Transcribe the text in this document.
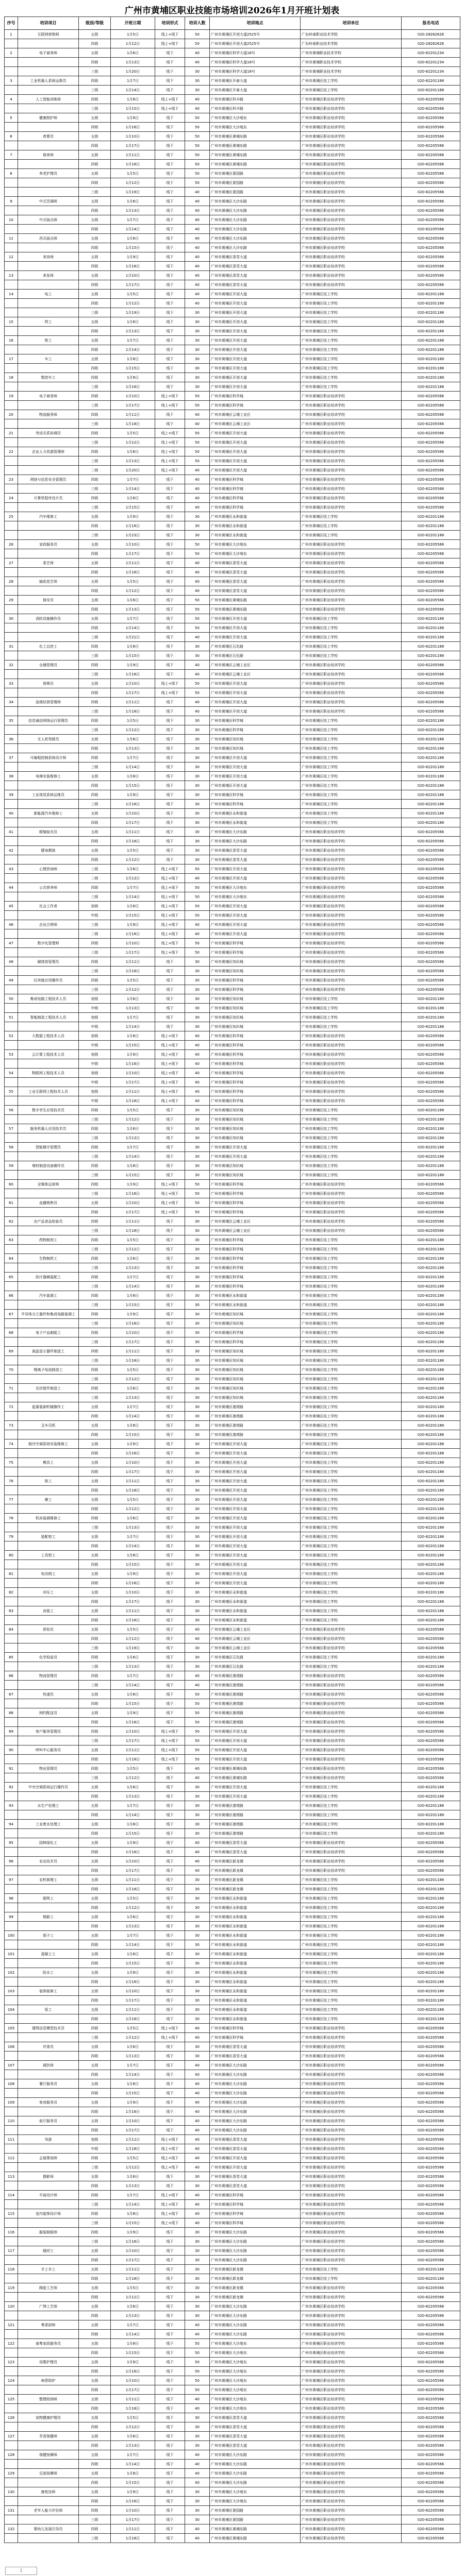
广州市黄埔区职业技能市场培训2026年1月开班计划表
序号	培训项目	级别/等级	开班日期	培训形式	培训人数	培训地点	培训单位	报名电话
1	互联网营销师	五级	1月5日	线上+线下	50	广州市黄埔区开创大道2525号	广东岭南职业技术学院	020-28262626
		四级	1月12日	线上+线下	50	广州市黄埔区开创大道2525号	广东岭南职业技术学院	020-28262626
2	电子商务师	五级	1月6日	线下	40	广州市黄埔区科学大道18号	广州市黄埔职业技术学校	020-82201234
		四级	1月13日	线下	40	广州市黄埔区科学大道18号	广州市黄埔职业技术学校	020-82201234
		三级	1月20日	线下	30	广州市黄埔区科学大道18号	广州市黄埔职业技术学校	020-82201234
3	工业机器人系统运维员	四级	1月7日	线下	30	广州市黄埔区开泰大道	广州市黄埔区技工学校	020-82201188
		三级	1月14日	线下	30	广州市黄埔区开泰大道	广州市黄埔区技工学校	020-82201188
4	人工智能训练师	四级	1月8日	线上+线下	40	广州市黄埔区科丰路	广州市黄埔区职业培训学校	020-82205566
		三级	1月15日	线上+线下	40	广州市黄埔区科丰路	广州市黄埔区职业培训学校	020-82205566
5	健康照护师	五级	1月9日	线下	50	广州市黄埔区大沙地东	广州市黄埔区职业培训学校	020-82205566
		四级	1月16日	线下	50	广州市黄埔区大沙地东	广州市黄埔区职业培训学校	020-82205566
6	育婴员	五级	1月10日	线下	50	广州市黄埔区黄埔东路	广州市黄埔区职业培训学校	020-82205566
		四级	1月17日	线下	50	广州市黄埔区黄埔东路	广州市黄埔区职业培训学校	020-82205566
7	保育师	五级	1月11日	线下	50	广州市黄埔区黄埔东路	广州市黄埔区职业培训学校	020-82205566
		四级	1月18日	线下	50	广州市黄埔区黄埔东路	广州市黄埔区职业培训学校	020-82205566
8	养老护理员	五级	1月5日	线下	50	广州市黄埔区夏园路	广州市黄埔区职业培训学校	020-82205566
		四级	1月12日	线下	50	广州市黄埔区夏园路	广州市黄埔区职业培训学校	020-82205566
		三级	1月19日	线下	40	广州市黄埔区夏园路	广州市黄埔区职业培训学校	020-82205566
9	中式烹调师	五级	1月6日	线下	40	广州市黄埔区大沙东路	广州市黄埔区职业培训学校	020-82205566
		四级	1月13日	线下	40	广州市黄埔区大沙东路	广州市黄埔区职业培训学校	020-82205566
10	中式面点师	五级	1月7日	线下	40	广州市黄埔区大沙东路	广州市黄埔区职业培训学校	020-82205566
		四级	1月14日	线下	40	广州市黄埔区大沙东路	广州市黄埔区职业培训学校	020-82205566
11	西式面点师	五级	1月8日	线下	40	广州市黄埔区大沙东路	广州市黄埔区职业培训学校	020-82205566
		四级	1月15日	线下	40	广州市黄埔区大沙东路	广州市黄埔区职业培训学校	020-82205566
12	美容师	五级	1月9日	线下	40	广州市黄埔区香雪大道	广州市黄埔区职业培训学校	020-82205566
		四级	1月16日	线下	40	广州市黄埔区香雪大道	广州市黄埔区职业培训学校	020-82205566
13	美发师	五级	1月10日	线下	40	广州市黄埔区香雪大道	广州市黄埔区职业培训学校	020-82205566
		四级	1月17日	线下	40	广州市黄埔区香雪大道	广州市黄埔区职业培训学校	020-82205566
14	电工	五级	1月5日	线下	40	广州市黄埔区开创大道	广州市黄埔区技工学校	020-82201188
		四级	1月12日	线下	40	广州市黄埔区开创大道	广州市黄埔区技工学校	020-82201188
		三级	1月19日	线下	30	广州市黄埔区开创大道	广州市黄埔区技工学校	020-82201188
15	焊工	五级	1月6日	线下	30	广州市黄埔区开创大道	广州市黄埔区技工学校	020-82201188
		四级	1月13日	线下	30	广州市黄埔区开创大道	广州市黄埔区技工学校	020-82201188
16	钳工	五级	1月7日	线下	30	广州市黄埔区开创大道	广州市黄埔区技工学校	020-82201188
		四级	1月14日	线下	30	广州市黄埔区开创大道	广州市黄埔区技工学校	020-82201188
17	车工	五级	1月8日	线下	30	广州市黄埔区开创大道	广州市黄埔区技工学校	020-82201188
		四级	1月15日	线下	30	广州市黄埔区开创大道	广州市黄埔区技工学校	020-82201188
18	数控车工	四级	1月9日	线下	30	广州市黄埔区开创大道	广州市黄埔区技工学校	020-82201188
		三级	1月16日	线下	30	广州市黄埔区开创大道	广州市黄埔区技工学校	020-82201188
19	电子商务师	四级	1月10日	线上+线下	50	广州市黄埔区科学城	广州市黄埔区职业培训学校	020-82205566
		三级	1月17日	线上+线下	50	广州市黄埔区科学城	广州市黄埔区职业培训学校	020-82205566
20	物流服务师	四级	1月11日	线下	40	广州市黄埔区云埔工业区	广州市黄埔区职业培训学校	020-82205566
		三级	1月18日	线下	40	广州市黄埔区云埔工业区	广州市黄埔区职业培训学校	020-82205566
21	劳动关系协调员	四级	1月5日	线上+线下	50	广州市黄埔区开创大道	广州市黄埔区职业培训学校	020-82205566
		三级	1月12日	线上+线下	50	广州市黄埔区开创大道	广州市黄埔区职业培训学校	020-82205566
22	企业人力资源管理师	四级	1月6日	线上+线下	50	广州市黄埔区开创大道	广州市黄埔区职业培训学校	020-82205566
		三级	1月13日	线上+线下	50	广州市黄埔区开创大道	广州市黄埔区职业培训学校	020-82205566
		二级	1月20日	线上+线下	40	广州市黄埔区开创大道	广州市黄埔区职业培训学校	020-82205566
23	网络与信息安全管理员	四级	1月7日	线下	40	广州市黄埔区科学城	广州市黄埔区职业培训学校	020-82205566
		三级	1月14日	线下	40	广州市黄埔区科学城	广州市黄埔区职业培训学校	020-82205566
24	计算机程序设计员	四级	1月8日	线下	40	广州市黄埔区科学城	广州市黄埔区职业培训学校	020-82205566
		三级	1月15日	线下	40	广州市黄埔区科学城	广州市黄埔区职业培训学校	020-82205566
25	汽车维修工	五级	1月9日	线下	30	广州市黄埔区永和街道	广州市黄埔区技工学校	020-82201188
		四级	1月16日	线下	30	广州市黄埔区永和街道	广州市黄埔区技工学校	020-82201188
		三级	1月23日	线下	30	广州市黄埔区永和街道	广州市黄埔区技工学校	020-82201188
26	家政服务员	五级	1月10日	线下	50	广州市黄埔区大沙地东	广州市黄埔区职业培训学校	020-82205566
		四级	1月17日	线下	50	广州市黄埔区大沙地东	广州市黄埔区职业培训学校	020-82205566
27	茶艺师	五级	1月11日	线下	40	广州市黄埔区香雪大道	广州市黄埔区职业培训学校	020-82205566
		四级	1月18日	线下	40	广州市黄埔区香雪大道	广州市黄埔区职业培训学校	020-82205566
28	插花花艺师	五级	1月5日	线下	40	广州市黄埔区香雪大道	广州市黄埔区职业培训学校	020-82205566
		四级	1月12日	线下	40	广州市黄埔区香雪大道	广州市黄埔区职业培训学校	020-82205566
29	保安员	五级	1月6日	线下	50	广州市黄埔区黄埔东路	广州市黄埔区职业培训学校	020-82205566
		四级	1月13日	线下	50	广州市黄埔区黄埔东路	广州市黄埔区职业培训学校	020-82205566
30	消防设施操作员	五级	1月7日	线下	50	广州市黄埔区开创大道	广州市黄埔区技工学校	020-82201188
		四级	1月14日	线下	50	广州市黄埔区开创大道	广州市黄埔区技工学校	020-82201188
		三级	1月21日	线下	40	广州市黄埔区开创大道	广州市黄埔区技工学校	020-82201188
31	化工总控工	四级	1月8日	线下	30	广州市黄埔区石化路	广州市黄埔区技工学校	020-82201188
		三级	1月15日	线下	30	广州市黄埔区石化路	广州市黄埔区技工学校	020-82201188
32	仓储管理员	四级	1月9日	线下	40	广州市黄埔区云埔工业区	广州市黄埔区职业培训学校	020-82205566
		三级	1月16日	线下	40	广州市黄埔区云埔工业区	广州市黄埔区职业培训学校	020-82205566
33	营销员	五级	1月10日	线上+线下	50	广州市黄埔区开创大道	广州市黄埔区职业培训学校	020-82205566
		四级	1月17日	线上+线下	50	广州市黄埔区开创大道	广州市黄埔区职业培训学校	020-82205566
34	连锁经营管理师	四级	1月11日	线下	40	广州市黄埔区开创大道	广州市黄埔区职业培训学校	020-82205566
		三级	1月18日	线下	40	广州市黄埔区开创大道	广州市黄埔区职业培训学校	020-82205566
35	信息通信网络运行管理员	四级	1月5日	线下	30	广州市黄埔区科学城	广州市黄埔区技工学校	020-82201188
		三级	1月12日	线下	30	广州市黄埔区科学城	广州市黄埔区技工学校	020-82201188
36	无人机驾驶员	五级	1月6日	线下	30	广州市黄埔区知识城	广州市黄埔区技工学校	020-82201188
		四级	1月13日	线下	30	广州市黄埔区知识城	广州市黄埔区技工学校	020-82201188
37	可编程控制系统设计师	四级	1月7日	线下	30	广州市黄埔区开创大道	广州市黄埔区技工学校	020-82201188
		三级	1月14日	线下	30	广州市黄埔区开创大道	广州市黄埔区技工学校	020-82201188
38	电梯安装维修工	五级	1月8日	线下	30	广州市黄埔区开创大道	广州市黄埔区技工学校	020-82201188
		四级	1月15日	线下	30	广州市黄埔区开创大道	广州市黄埔区技工学校	020-82201188
39	工业视觉系统运维员	四级	1月9日	线下	30	广州市黄埔区科学城	广州市黄埔区技工学校	020-82201188
		三级	1月16日	线下	30	广州市黄埔区科学城	广州市黄埔区技工学校	020-82201188
40	新能源汽车维修工	五级	1月10日	线下	30	广州市黄埔区永和街道	广州市黄埔区技工学校	020-82201188
		四级	1月17日	线下	30	广州市黄埔区永和街道	广州市黄埔区技工学校	020-82201188
41	眼镜验光员	五级	1月11日	线下	30	广州市黄埔区大沙东路	广州市黄埔区职业培训学校	020-82205566
		四级	1月18日	线下	30	广州市黄埔区大沙东路	广州市黄埔区职业培训学校	020-82205566
42	健身教练	五级	1月5日	线下	30	广州市黄埔区香雪大道	广州市黄埔区职业培训学校	020-82205566
		四级	1月12日	线下	30	广州市黄埔区香雪大道	广州市黄埔区职业培训学校	020-82205566
43	心理咨询师	三级	1月6日	线上+线下	50	广州市黄埔区开创大道	广州市黄埔区职业培训学校	020-82205566
		二级	1月13日	线上+线下	40	广州市黄埔区开创大道	广州市黄埔区职业培训学校	020-82205566
44	公共营养师	四级	1月7日	线上+线下	50	广州市黄埔区大沙地东	广州市黄埔区职业培训学校	020-82205566
		三级	1月14日	线上+线下	50	广州市黄埔区大沙地东	广州市黄埔区职业培训学校	020-82205566
45	社会工作者	初级	1月8日	线上+线下	50	广州市黄埔区开创大道	广州市黄埔区职业培训学校	020-82205566
		中级	1月15日	线上+线下	50	广州市黄埔区开创大道	广州市黄埔区职业培训学校	020-82205566
46	企业合规师	三级	1月9日	线上+线下	40	广州市黄埔区开创大道	广州市黄埔区职业培训学校	020-82205566
		二级	1月16日	线上+线下	40	广州市黄埔区开创大道	广州市黄埔区职业培训学校	020-82205566
47	数字化管理师	四级	1月10日	线上+线下	50	广州市黄埔区科学城	广州市黄埔区职业培训学校	020-82205566
		三级	1月17日	线上+线下	50	广州市黄埔区科学城	广州市黄埔区职业培训学校	020-82205566
48	碳排放管理员	四级	1月11日	线下	30	广州市黄埔区知识城	广州市黄埔区职业培训学校	020-82205566
		三级	1月18日	线下	30	广州市黄埔区知识城	广州市黄埔区职业培训学校	020-82205566
49	区块链应用操作员	四级	1月5日	线下	30	广州市黄埔区科学城	广州市黄埔区职业培训学校	020-82205566
		三级	1月12日	线下	30	广州市黄埔区科学城	广州市黄埔区职业培训学校	020-82205566
50	集成电路工程技术人员	初级	1月6日	线下	30	广州市黄埔区知识城	广州市黄埔区技工学校	020-82201188
		中级	1月13日	线下	30	广州市黄埔区知识城	广州市黄埔区技工学校	020-82201188
51	智能制造工程技术人员	初级	1月7日	线下	30	广州市黄埔区知识城	广州市黄埔区技工学校	020-82201188
		中级	1月14日	线下	30	广州市黄埔区知识城	广州市黄埔区技工学校	020-82201188
52	大数据工程技术人员	初级	1月8日	线上+线下	40	广州市黄埔区科学城	广州市黄埔区职业培训学校	020-82205566
		中级	1月15日	线上+线下	40	广州市黄埔区科学城	广州市黄埔区职业培训学校	020-82205566
53	云计算工程技术人员	初级	1月9日	线上+线下	40	广州市黄埔区科学城	广州市黄埔区职业培训学校	020-82205566
		中级	1月16日	线上+线下	40	广州市黄埔区科学城	广州市黄埔区职业培训学校	020-82205566
54	物联网工程技术人员	初级	1月10日	线上+线下	40	广州市黄埔区科学城	广州市黄埔区职业培训学校	020-82205566
		中级	1月17日	线上+线下	40	广州市黄埔区科学城	广州市黄埔区职业培训学校	020-82205566
55	工业互联网工程技术人员	初级	1月11日	线上+线下	40	广州市黄埔区科学城	广州市黄埔区职业培训学校	020-82205566
		中级	1月18日	线上+线下	40	广州市黄埔区科学城	广州市黄埔区职业培训学校	020-82205566
56	数字孪生应用技术员	四级	1月5日	线下	30	广州市黄埔区知识城	广州市黄埔区技工学校	020-82201188
		三级	1月12日	线下	30	广州市黄埔区知识城	广州市黄埔区技工学校	020-82201188
57	服务机器人应用技术员	四级	1月6日	线下	30	广州市黄埔区知识城	广州市黄埔区技工学校	020-82201188
		三级	1月13日	线下	30	广州市黄埔区知识城	广州市黄埔区技工学校	020-82201188
58	智能楼宇管理员	四级	1月7日	线下	30	广州市黄埔区开创大道	广州市黄埔区技工学校	020-82201188
		三级	1月14日	线下	30	广州市黄埔区开创大道	广州市黄埔区技工学校	020-82201188
59	增材制造设备操作员	四级	1月8日	线下	30	广州市黄埔区知识城	广州市黄埔区技工学校	020-82201188
		三级	1月15日	线下	30	广州市黄埔区知识城	广州市黄埔区技工学校	020-82201188
60	全媒体运营师	四级	1月9日	线上+线下	50	广州市黄埔区科学城	广州市黄埔区职业培训学校	020-82205566
		三级	1月16日	线上+线下	50	广州市黄埔区科学城	广州市黄埔区职业培训学校	020-82205566
61	直播销售员	五级	1月10日	线上+线下	50	广州市黄埔区科学城	广州市黄埔区职业培训学校	020-82205566
		四级	1月17日	线上+线下	50	广州市黄埔区科学城	广州市黄埔区职业培训学校	020-82205566
62	农产品食品检验员	四级	1月11日	线下	30	广州市黄埔区云埔工业区	广州市黄埔区职业培训学校	020-82205566
		三级	1月18日	线下	30	广州市黄埔区云埔工业区	广州市黄埔区职业培训学校	020-82205566
63	药物制剂工	四级	1月5日	线下	30	广州市黄埔区科学城	广州市黄埔区技工学校	020-82201188
		三级	1月12日	线下	30	广州市黄埔区科学城	广州市黄埔区技工学校	020-82201188
64	生物制药工	四级	1月6日	线下	30	广州市黄埔区科学城	广州市黄埔区技工学校	020-82201188
		三级	1月13日	线下	30	广州市黄埔区科学城	广州市黄埔区技工学校	020-82201188
65	医疗器械装配工	四级	1月7日	线下	30	广州市黄埔区科学城	广州市黄埔区技工学校	020-82201188
		三级	1月14日	线下	30	广州市黄埔区科学城	广州市黄埔区技工学校	020-82201188
66	汽车装调工	四级	1月8日	线下	30	广州市黄埔区永和街道	广州市黄埔区技工学校	020-82201188
		三级	1月15日	线下	30	广州市黄埔区永和街道	广州市黄埔区技工学校	020-82201188
67	半导体分立器件和集成电路装调工	四级	1月9日	线下	30	广州市黄埔区知识城	广州市黄埔区技工学校	020-82201188
		三级	1月16日	线下	30	广州市黄埔区知识城	广州市黄埔区技工学校	020-82201188
68	电子产品制版工	四级	1月10日	线下	30	广州市黄埔区科学城	广州市黄埔区技工学校	020-82201188
		三级	1月17日	线下	30	广州市黄埔区科学城	广州市黄埔区技工学校	020-82201188
69	液晶显示器件制造工	四级	1月11日	线下	30	广州市黄埔区知识城	广州市黄埔区技工学校	020-82201188
		三级	1月18日	线下	30	广州市黄埔区知识城	广州市黄埔区技工学校	020-82201188
70	锂离子电池制造工	四级	1月5日	线下	30	广州市黄埔区知识城	广州市黄埔区技工学校	020-82201188
		三级	1月12日	线下	30	广州市黄埔区知识城	广州市黄埔区技工学校	020-82201188
71	光伏组件制造工	四级	1月6日	线下	30	广州市黄埔区知识城	广州市黄埔区技工学校	020-82201188
		三级	1月13日	线下	30	广州市黄埔区知识城	广州市黄埔区技工学校	020-82201188
72	起重装卸机械操作工	五级	1月7日	线下	30	广州市黄埔区港湾路	广州市黄埔区技工学校	020-82201188
		四级	1月14日	线下	30	广州市黄埔区港湾路	广州市黄埔区技工学校	020-82201188
73	叉车司机	五级	1月8日	线下	30	广州市黄埔区港湾路	广州市黄埔区技工学校	020-82201188
		四级	1月15日	线下	30	广州市黄埔区港湾路	广州市黄埔区技工学校	020-82201188
74	制冷空调系统安装维修工	五级	1月9日	线下	30	广州市黄埔区开创大道	广州市黄埔区技工学校	020-82201188
		四级	1月16日	线下	30	广州市黄埔区开创大道	广州市黄埔区技工学校	020-82201188
75	模具工	五级	1月10日	线下	30	广州市黄埔区开创大道	广州市黄埔区技工学校	020-82201188
		四级	1月17日	线下	30	广州市黄埔区开创大道	广州市黄埔区技工学校	020-82201188
76	铣工	五级	1月11日	线下	30	广州市黄埔区开创大道	广州市黄埔区技工学校	020-82201188
		四级	1月18日	线下	30	广州市黄埔区开创大道	广州市黄埔区技工学校	020-82201188
77	磨工	五级	1月5日	线下	30	广州市黄埔区开创大道	广州市黄埔区技工学校	020-82201188
		四级	1月12日	线下	30	广州市黄埔区开创大道	广州市黄埔区技工学校	020-82201188
78	机床装调维修工	四级	1月6日	线下	30	广州市黄埔区开创大道	广州市黄埔区技工学校	020-82201188
		三级	1月13日	线下	30	广州市黄埔区开创大道	广州市黄埔区技工学校	020-82201188
79	装配钳工	五级	1月7日	线下	30	广州市黄埔区开创大道	广州市黄埔区技工学校	020-82201188
		四级	1月14日	线下	30	广州市黄埔区开创大道	广州市黄埔区技工学校	020-82201188
80	工具钳工	五级	1月8日	线下	30	广州市黄埔区开创大道	广州市黄埔区技工学校	020-82201188
		四级	1月15日	线下	30	广州市黄埔区开创大道	广州市黄埔区技工学校	020-82201188
81	电切削工	五级	1月9日	线下	30	广州市黄埔区开创大道	广州市黄埔区技工学校	020-82201188
		四级	1月16日	线下	30	广州市黄埔区开创大道	广州市黄埔区技工学校	020-82201188
82	冲压工	五级	1月10日	线下	30	广州市黄埔区永和街道	广州市黄埔区技工学校	020-82201188
		四级	1月17日	线下	30	广州市黄埔区永和街道	广州市黄埔区技工学校	020-82201188
83	涂装工	五级	1月11日	线下	30	广州市黄埔区永和街道	广州市黄埔区技工学校	020-82201188
		四级	1月18日	线下	30	广州市黄埔区永和街道	广州市黄埔区技工学校	020-82201188
84	质检员	五级	1月5日	线下	40	广州市黄埔区云埔工业区	广州市黄埔区职业培训学校	020-82205566
		四级	1月12日	线下	40	广州市黄埔区云埔工业区	广州市黄埔区职业培训学校	020-82205566
		三级	1月19日	线下	30	广州市黄埔区云埔工业区	广州市黄埔区职业培训学校	020-82205566
85	化学检验员	四级	1月6日	线下	30	广州市黄埔区石化路	广州市黄埔区技工学校	020-82201188
		三级	1月13日	线下	30	广州市黄埔区石化路	广州市黄埔区技工学校	020-82201188
86	物流管理员	四级	1月7日	线下	40	广州市黄埔区港湾路	广州市黄埔区职业培训学校	020-82205566
		三级	1月14日	线下	40	广州市黄埔区港湾路	广州市黄埔区职业培训学校	020-82205566
87	快递员	五级	1月8日	线下	50	广州市黄埔区港湾路	广州市黄埔区职业培训学校	020-82205566
		四级	1月15日	线下	50	广州市黄埔区港湾路	广州市黄埔区职业培训学校	020-82205566
88	网约配送员	五级	1月9日	线下	50	广州市黄埔区港湾路	广州市黄埔区职业培训学校	020-82205566
		四级	1月16日	线下	50	广州市黄埔区港湾路	广州市黄埔区职业培训学校	020-82205566
89	客户服务管理员	四级	1月10日	线上+线下	50	广州市黄埔区开创大道	广州市黄埔区职业培训学校	020-82205566
		三级	1月17日	线上+线下	50	广州市黄埔区开创大道	广州市黄埔区职业培训学校	020-82205566
90	呼叫中心服务员	五级	1月11日	线上+线下	50	广州市黄埔区开创大道	广州市黄埔区职业培训学校	020-82205566
		四级	1月18日	线上+线下	50	广州市黄埔区开创大道	广州市黄埔区职业培训学校	020-82205566
91	物业管理员	四级	1月5日	线下	40	广州市黄埔区黄埔东路	广州市黄埔区职业培训学校	020-82205566
		三级	1月12日	线下	40	广州市黄埔区黄埔东路	广州市黄埔区职业培训学校	020-82205566
92	中央空调系统运行操作员	五级	1月6日	线下	30	广州市黄埔区开创大道	广州市黄埔区技工学校	020-82201188
		四级	1月13日	线下	30	广州市黄埔区开创大道	广州市黄埔区技工学校	020-82201188
93	水生产处理工	五级	1月7日	线下	30	广州市黄埔区港湾路	广州市黄埔区技工学校	020-82201188
		四级	1月14日	线下	30	广州市黄埔区港湾路	广州市黄埔区技工学校	020-82201188
94	工业废水处理工	五级	1月8日	线下	30	广州市黄埔区港湾路	广州市黄埔区技工学校	020-82201188
		四级	1月15日	线下	30	广州市黄埔区港湾路	广州市黄埔区技工学校	020-82201188
95	园林绿化工	五级	1月9日	线下	40	广州市黄埔区香雪大道	广州市黄埔区职业培训学校	020-82205566
		四级	1月16日	线下	40	广州市黄埔区香雪大道	广州市黄埔区职业培训学校	020-82205566
96	农业技术员	五级	1月10日	线下	40	广州市黄埔区新龙镇	广州市黄埔区职业培训学校	020-82205566
		四级	1月17日	线下	40	广州市黄埔区新龙镇	广州市黄埔区职业培训学校	020-82205566
97	农机修理工	五级	1月11日	线下	30	广州市黄埔区新龙镇	广州市黄埔区技工学校	020-82201188
		四级	1月18日	线下	30	广州市黄埔区新龙镇	广州市黄埔区技工学校	020-82201188
98	砌筑工	五级	1月5日	线下	30	广州市黄埔区永和街道	广州市黄埔区技工学校	020-82201188
		四级	1月12日	线下	30	广州市黄埔区永和街道	广州市黄埔区技工学校	020-82201188
99	钢筋工	五级	1月6日	线下	30	广州市黄埔区永和街道	广州市黄埔区技工学校	020-82201188
		四级	1月13日	线下	30	广州市黄埔区永和街道	广州市黄埔区技工学校	020-82201188
100	架子工	五级	1月7日	线下	30	广州市黄埔区永和街道	广州市黄埔区技工学校	020-82201188
		四级	1月14日	线下	30	广州市黄埔区永和街道	广州市黄埔区技工学校	020-82201188
101	混凝土工	五级	1月8日	线下	30	广州市黄埔区永和街道	广州市黄埔区技工学校	020-82201188
		四级	1月15日	线下	30	广州市黄埔区永和街道	广州市黄埔区技工学校	020-82201188
102	防水工	五级	1月9日	线下	30	广州市黄埔区永和街道	广州市黄埔区技工学校	020-82201188
		四级	1月16日	线下	30	广州市黄埔区永和街道	广州市黄埔区技工学校	020-82201188
103	装饰装修工	五级	1月10日	线下	30	广州市黄埔区永和街道	广州市黄埔区技工学校	020-82201188
		四级	1月17日	线下	30	广州市黄埔区永和街道	广州市黄埔区技工学校	020-82201188
104	管工	五级	1月11日	线下	30	广州市黄埔区永和街道	广州市黄埔区技工学校	020-82201188
		四级	1月18日	线下	30	广州市黄埔区永和街道	广州市黄埔区技工学校	020-82201188
105	建筑信息模型技术员	四级	1月5日	线上+线下	40	广州市黄埔区科学城	广州市黄埔区职业培训学校	020-82205566
		三级	1月12日	线上+线下	40	广州市黄埔区科学城	广州市黄埔区职业培训学校	020-82205566
106	评茶员	五级	1月6日	线下	30	广州市黄埔区香雪大道	广州市黄埔区职业培训学校	020-82205566
		四级	1月13日	线下	30	广州市黄埔区香雪大道	广州市黄埔区职业培训学校	020-82205566
107	调饮师	五级	1月7日	线下	40	广州市黄埔区大沙东路	广州市黄埔区职业培训学校	020-82205566
		四级	1月14日	线下	40	广州市黄埔区大沙东路	广州市黄埔区职业培训学校	020-82205566
108	餐厅服务员	五级	1月8日	线下	40	广州市黄埔区大沙东路	广州市黄埔区职业培训学校	020-82205566
		四级	1月15日	线下	40	广州市黄埔区大沙东路	广州市黄埔区职业培训学校	020-82205566
109	客房服务员	五级	1月9日	线下	40	广州市黄埔区大沙东路	广州市黄埔区职业培训学校	020-82205566
		四级	1月16日	线下	40	广州市黄埔区大沙东路	广州市黄埔区职业培训学校	020-82205566
110	前厅服务员	五级	1月10日	线下	40	广州市黄埔区大沙东路	广州市黄埔区职业培训学校	020-82205566
		四级	1月17日	线下	40	广州市黄埔区大沙东路	广州市黄埔区职业培训学校	020-82205566
111	导游	初级	1月11日	线上+线下	40	广州市黄埔区香雪大道	广州市黄埔区职业培训学校	020-82205566
		中级	1月18日	线上+线下	40	广州市黄埔区香雪大道	广州市黄埔区职业培训学校	020-82205566
112	会展策划师	四级	1月5日	线上+线下	40	广州市黄埔区开创大道	广州市黄埔区职业培训学校	020-82205566
		三级	1月12日	线上+线下	40	广州市黄埔区开创大道	广州市黄埔区职业培训学校	020-82205566
113	摄影师	五级	1月6日	线下	30	广州市黄埔区香雪大道	广州市黄埔区职业培训学校	020-82205566
		四级	1月13日	线下	30	广州市黄埔区香雪大道	广州市黄埔区职业培训学校	020-82205566
114	平面设计师	四级	1月7日	线上+线下	40	广州市黄埔区科学城	广州市黄埔区职业培训学校	020-82205566
		三级	1月14日	线上+线下	40	广州市黄埔区科学城	广州市黄埔区职业培训学校	020-82205566
115	室内装饰设计师	四级	1月8日	线上+线下	40	广州市黄埔区科学城	广州市黄埔区职业培训学校	020-82205566
		三级	1月15日	线上+线下	40	广州市黄埔区科学城	广州市黄埔区职业培训学校	020-82205566
116	服装制版师	四级	1月9日	线下	30	广州市黄埔区大沙东路	广州市黄埔区职业培训学校	020-82205566
		三级	1月16日	线下	30	广州市黄埔区大沙东路	广州市黄埔区职业培训学校	020-82205566
117	缝纫工	五级	1月10日	线下	30	广州市黄埔区大沙东路	广州市黄埔区职业培训学校	020-82205566
		四级	1月17日	线下	30	广州市黄埔区大沙东路	广州市黄埔区职业培训学校	020-82205566
118	手工木工	五级	1月11日	线下	30	广州市黄埔区新龙镇	广州市黄埔区技工学校	020-82201188
		四级	1月18日	线下	30	广州市黄埔区新龙镇	广州市黄埔区技工学校	020-82201188
119	陶瓷工艺师	五级	1月5日	线下	30	广州市黄埔区新龙镇	广州市黄埔区职业培训学校	020-82205566
		四级	1月12日	线下	30	广州市黄埔区新龙镇	广州市黄埔区职业培训学校	020-82205566
120	广绣工艺师	五级	1月6日	线下	30	广州市黄埔区大沙东路	广州市黄埔区职业培训学校	020-82205566
		四级	1月13日	线下	30	广州市黄埔区大沙东路	广州市黄埔区职业培训学校	020-82205566
121	粤菜厨师	五级	1月7日	线下	40	广州市黄埔区大沙东路	广州市黄埔区职业培训学校	020-82205566
		四级	1月14日	线下	40	广州市黄埔区大沙东路	广州市黄埔区职业培训学校	020-82205566
122	南粤家政服务员	五级	1月8日	线下	50	广州市黄埔区大沙地东	广州市黄埔区职业培训学校	020-82205566
		四级	1月15日	线下	50	广州市黄埔区大沙地东	广州市黄埔区职业培训学校	020-82205566
123	母婴护理员	五级	1月9日	线下	50	广州市黄埔区大沙地东	广州市黄埔区职业培训学校	020-82205566
		四级	1月16日	线下	50	广州市黄埔区大沙地东	广州市黄埔区职业培训学校	020-82205566
124	病患陪护	五级	1月10日	线下	50	广州市黄埔区大沙地东	广州市黄埔区职业培训学校	020-82205566
		四级	1月17日	线下	50	广州市黄埔区大沙地东	广州市黄埔区职业培训学校	020-82205566
125	整理收纳师	五级	1月11日	线下	40	广州市黄埔区大沙地东	广州市黄埔区职业培训学校	020-82205566
		四级	1月18日	线下	40	广州市黄埔区大沙地东	广州市黄埔区职业培训学校	020-82205566
126	宠物健康护理员	五级	1月5日	线下	30	广州市黄埔区香雪大道	广州市黄埔区职业培训学校	020-82205566
		四级	1月12日	线下	30	广州市黄埔区香雪大道	广州市黄埔区职业培训学校	020-82205566
127	芳香保健师	五级	1月6日	线下	30	广州市黄埔区香雪大道	广州市黄埔区职业培训学校	020-82205566
		四级	1月13日	线下	30	广州市黄埔区香雪大道	广州市黄埔区职业培训学校	020-82205566
128	保健按摩师	五级	1月7日	线下	40	广州市黄埔区大沙东路	广州市黄埔区职业培训学校	020-82205566
		四级	1月14日	线下	40	广州市黄埔区大沙东路	广州市黄埔区职业培训学校	020-82205566
129	足部按摩师	五级	1月8日	线下	40	广州市黄埔区大沙东路	广州市黄埔区职业培训学校	020-82205566
		四级	1月15日	线下	40	广州市黄埔区大沙东路	广州市黄埔区职业培训学校	020-82205566
130	康复技师	五级	1月9日	线下	30	广州市黄埔区大沙地东	广州市黄埔区职业培训学校	020-82205566
		四级	1月16日	线下	30	广州市黄埔区大沙地东	广州市黄埔区职业培训学校	020-82205566
131	老年人能力评估师	四级	1月10日	线下	30	广州市黄埔区夏园路	广州市黄埔区职业培训学校	020-82205566
		三级	1月17日	线下	30	广州市黄埔区夏园路	广州市黄埔区职业培训学校	020-82205566
132	婴幼儿发展引导员	四级	1月11日	线下	40	广州市黄埔区黄埔东路	广州市黄埔区职业培训学校	020-82205566
		三级	1月18日	线下	40	广州市黄埔区黄埔东路	广州市黄埔区职业培训学校	020-82205566
1
